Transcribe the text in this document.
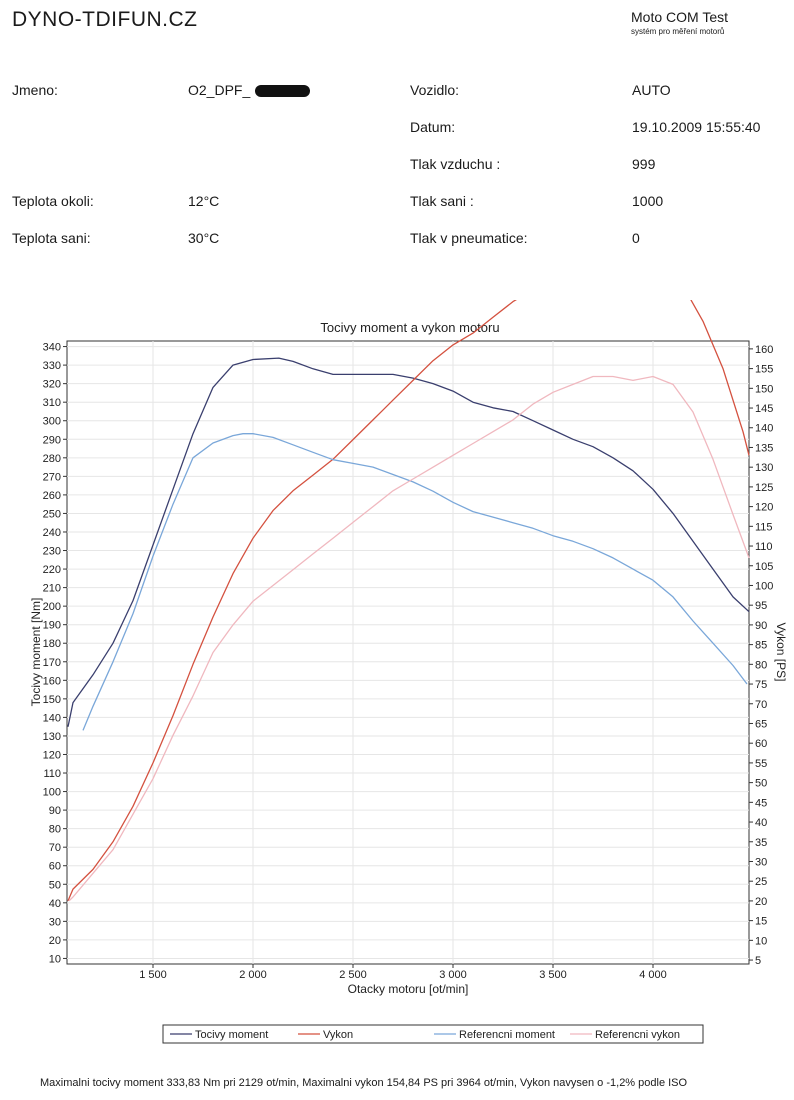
DYNO-TDIFUN.CZ	Moto COM Test
systém pro měření motorů
Jmeno:	O2_DPF_	Vozidlo:	AUTO
Datum:	19.10.2009 15:55:40
Tlak vzduchu :	999
Teplota okoli:	12°C	Tlak sani :	1000
Teplota sani:	30°C	Tlak v pneumatice:	0
Tocivy moment a vykon motoru
1 500	2 000	2 500	3 000	3 500	4 000
10
20
30
40
50
60
70
80
90
100
110
120
130
140
150
160
170
180
190
200
210
220
230
240
250
260
270
280
290
300
310
320
330
340
5
10
15
20
25
30
35
40
45
50
55
60
65
70
75
80
85
90
95
100
105
110
115
120
125
130
135
140
145
150
155
160
Otacky motoru [ot/min]
Tocivy moment [Nm]	Vykon [PS]
Tocivy moment	Vykon	Referencni moment	Referencni vykon
Maximalni tocivy moment 333,83 Nm pri 2129 ot/min, Maximalni vykon 154,84 PS pri 3964 ot/min, Vykon navysen o -1,2% podle ISO
